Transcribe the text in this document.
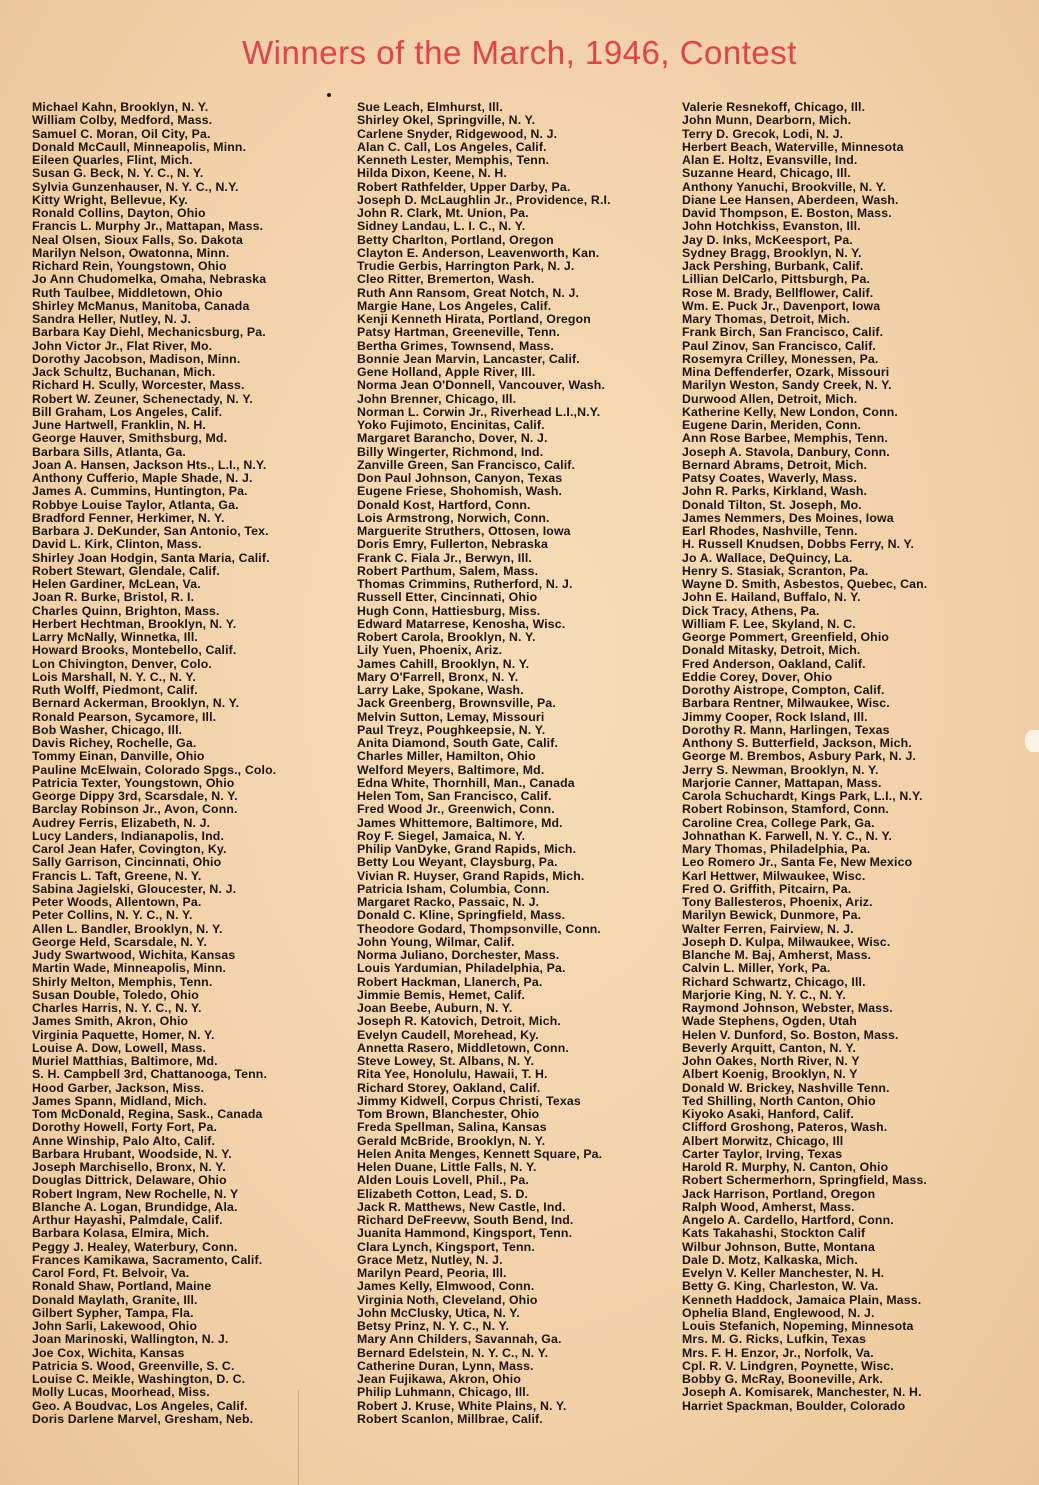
Winners of the March, 1946, Contest
Michael Kahn, Brooklyn, N. Y.
William Colby, Medford, Mass.
Samuel C. Moran, Oil City, Pa.
Donald McCaull, Minneapolis, Minn.
Eileen Quarles, Flint, Mich.
Susan G. Beck, N. Y. C., N. Y.
Sylvia Gunzenhauser, N. Y. C., N.Y.
Kitty Wright, Bellevue, Ky.
Ronald Collins, Dayton, Ohio
Francis L. Murphy Jr., Mattapan, Mass.
Neal Olsen, Sioux Falls, So. Dakota
Marilyn Nelson, Owatonna, Minn.
Richard Rein, Youngstown, Ohio
Jo Ann Chudomelka, Omaha, Nebraska
Ruth Taulbee, Middletown, Ohio
Shirley McManus, Manitoba, Canada
Sandra Heller, Nutley, N. J.
Barbara Kay Diehl, Mechanicsburg, Pa.
John Victor Jr., Flat River, Mo.
Dorothy Jacobson, Madison, Minn.
Jack Schultz, Buchanan, Mich.
Richard H. Scully, Worcester, Mass.
Robert W. Zeuner, Schenectady, N. Y.
Bill Graham, Los Angeles, Calif.
June Hartwell, Franklin, N. H.
George Hauver, Smithsburg, Md.
Barbara Sills, Atlanta, Ga.
Joan A. Hansen, Jackson Hts., L.I., N.Y.
Anthony Cufferio, Maple Shade, N. J.
James A. Cummins, Huntington, Pa.
Robbye Louise Taylor, Atlanta, Ga.
Bradford Fenner, Herkimer, N. Y.
Barbara J. DeKunder, San Antonio, Tex.
David L. Kirk, Clinton, Mass.
Shirley Joan Hodgin, Santa Maria, Calif.
Robert Stewart, Glendale, Calif.
Helen Gardiner, McLean, Va.
Joan R. Burke, Bristol, R. I.
Charles Quinn, Brighton, Mass.
Herbert Hechtman, Brooklyn, N. Y.
Larry McNally, Winnetka, Ill.
Howard Brooks, Montebello, Calif.
Lon Chivington, Denver, Colo.
Lois Marshall, N. Y. C., N. Y.
Ruth Wolff, Piedmont, Calif.
Bernard Ackerman, Brooklyn, N. Y.
Ronald Pearson, Sycamore, Ill.
Bob Washer, Chicago, Ill.
Davis Richey, Rochelle, Ga.
Tommy Einan, Danville, Ohio
Pauline McElwain, Colorado Spgs., Colo.
Patricia Texter, Youngstown, Ohio
George Dippy 3rd, Scarsdale, N. Y.
Barclay Robinson Jr., Avon, Conn.
Audrey Ferris, Elizabeth, N. J.
Lucy Landers, Indianapolis, Ind.
Carol Jean Hafer, Covington, Ky.
Sally Garrison, Cincinnati, Ohio
Francis L. Taft, Greene, N. Y.
Sabina Jagielski, Gloucester, N. J.
Peter Woods, Allentown, Pa.
Peter Collins, N. Y. C., N. Y.
Allen L. Bandler, Brooklyn, N. Y.
George Held, Scarsdale, N. Y.
Judy Swartwood, Wichita, Kansas
Martin Wade, Minneapolis, Minn.
Shirly Melton, Memphis, Tenn.
Susan Double, Toledo, Ohio
Charles Harris, N. Y. C., N. Y.
James Smith, Akron, Ohio
Virginia Paquette, Homer, N. Y.
Louise A. Dow, Lowell, Mass.
Muriel Matthias, Baltimore, Md.
S. H. Campbell 3rd, Chattanooga, Tenn.
Hood Garber, Jackson, Miss.
James Spann, Midland, Mich.
Tom McDonald, Regina, Sask., Canada
Dorothy Howell, Forty Fort, Pa.
Anne Winship, Palo Alto, Calif.
Barbara Hrubant, Woodside, N. Y.
Joseph Marchisello, Bronx, N. Y.
Douglas Dittrick, Delaware, Ohio
Robert Ingram, New Rochelle, N. Y
Blanche A. Logan, Brundidge, Ala.
Arthur Hayashi, Palmdale, Calif.
Barbara Kolasa, Elmira, Mich.
Peggy J. Healey, Waterbury, Conn.
Frances Kamikawa, Sacramento, Calif.
Carol Ford, Ft. Belvoir, Va.
Ronald Shaw, Portland, Maine
Donald Maylath, Granite, Ill.
Gilbert Sypher, Tampa, Fla.
John Sarli, Lakewood, Ohio
Joan Marinoski, Wallington, N. J.
Joe Cox, Wichita, Kansas
Patricia S. Wood, Greenville, S. C.
Louise C. Meikle, Washington, D. C.
Molly Lucas, Moorhead, Miss.
Geo. A Boudvac, Los Angeles, Calif.
Doris Darlene Marvel, Gresham, Neb.
Sue Leach, Elmhurst, Ill.
Shirley Okel, Springville, N. Y.
Carlene Snyder, Ridgewood, N. J.
Alan C. Call, Los Angeles, Calif.
Kenneth Lester, Memphis, Tenn.
Hilda Dixon, Keene, N. H.
Robert Rathfelder, Upper Darby, Pa.
Joseph D. McLaughlin Jr., Providence, R.I.
John R. Clark, Mt. Union, Pa.
Sidney Landau, L. I. C., N. Y.
Betty Charlton, Portland, Oregon
Clayton E. Anderson, Leavenworth, Kan.
Trudie Gerbis, Harrington Park, N. J.
Cleo Ritter, Bremerton, Wash.
Ruth Ann Ransom, Great Notch, N. J.
Margie Hane, Los Angeles, Calif.
Kenji Kenneth Hirata, Portland, Oregon
Patsy Hartman, Greeneville, Tenn.
Bertha Grimes, Townsend, Mass.
Bonnie Jean Marvin, Lancaster, Calif.
Gene Holland, Apple River, Ill.
Norma Jean O'Donnell, Vancouver, Wash.
John Brenner, Chicago, Ill.
Norman L. Corwin Jr., Riverhead L.I.,N.Y.
Yoko Fujimoto, Encinitas, Calif.
Margaret Barancho, Dover, N. J.
Billy Wingerter, Richmond, Ind.
Zanville Green, San Francisco, Calif.
Don Paul Johnson, Canyon, Texas
Eugene Friese, Shohomish, Wash.
Donald Kost, Hartford, Conn.
Lois Armstrong, Norwich, Conn.
Marguerite Struthers, Ottosen, Iowa
Doris Emry, Fullerton, Nebraska
Frank C. Fiala Jr., Berwyn, Ill.
Robert Parthum, Salem, Mass.
Thomas Crimmins, Rutherford, N. J.
Russell Etter, Cincinnati, Ohio
Hugh Conn, Hattiesburg, Miss.
Edward Matarrese, Kenosha, Wisc.
Robert Carola, Brooklyn, N. Y.
Lily Yuen, Phoenix, Ariz.
James Cahill, Brooklyn, N. Y.
Mary O'Farrell, Bronx, N. Y.
Larry Lake, Spokane, Wash.
Jack Greenberg, Brownsville, Pa.
Melvin Sutton, Lemay, Missouri
Paul Treyz, Poughkeepsie, N. Y.
Anita Diamond, South Gate, Calif.
Charles Miller, Hamilton, Ohio
Welford Meyers, Baltimore, Md.
Edna White, Thornhill, Man., Canada
Helen Tom, San Francisco, Calif.
Fred Wood Jr., Greenwich, Conn.
James Whittemore, Baltimore, Md.
Roy F. Siegel, Jamaica, N. Y.
Philip VanDyke, Grand Rapids, Mich.
Betty Lou Weyant, Claysburg, Pa.
Vivian R. Huyser, Grand Rapids, Mich.
Patricia Isham, Columbia, Conn.
Margaret Racko, Passaic, N. J.
Donald C. Kline, Springfield, Mass.
Theodore Godard, Thompsonville, Conn.
John Young, Wilmar, Calif.
Norma Juliano, Dorchester, Mass.
Louis Yardumian, Philadelphia, Pa.
Robert Hackman, Llanerch, Pa.
Jimmie Bemis, Hemet, Calif.
Joan Beebe, Auburn, N. Y.
Joseph R. Katovich, Detroit, Mich.
Evelyn Caudell, Morehead, Ky.
Annetta Rasero, Middletown, Conn.
Steve Lowey, St. Albans, N. Y.
Rita Yee, Honolulu, Hawaii, T. H.
Richard Storey, Oakland, Calif.
Jimmy Kidwell, Corpus Christi, Texas
Tom Brown, Blanchester, Ohio
Freda Spellman, Salina, Kansas
Gerald McBride, Brooklyn, N. Y.
Helen Anita Menges, Kennett Square, Pa.
Helen Duane, Little Falls, N. Y.
Alden Louis Lovell, Phil., Pa.
Elizabeth Cotton, Lead, S. D.
Jack R. Matthews, New Castle, Ind.
Richard DeFreevw, South Bend, Ind.
Juanita Hammond, Kingsport, Tenn.
Clara Lynch, Kingsport, Tenn.
Grace Metz, Nutley, N. J.
Marilyn Peard, Peoria, Ill.
James Kelly, Elmwood, Conn.
Virginia Noth, Cleveland, Ohio
John McClusky, Utica, N. Y.
Betsy Prinz, N. Y. C., N. Y.
Mary Ann Childers, Savannah, Ga.
Bernard Edelstein, N. Y. C., N. Y.
Catherine Duran, Lynn, Mass.
Jean Fujikawa, Akron, Ohio
Philip Luhmann, Chicago, Ill.
Robert J. Kruse, White Plains, N. Y.
Robert Scanlon, Millbrae, Calif.
Valerie Resnekoff, Chicago, Ill.
John Munn, Dearborn, Mich.
Terry D. Grecok, Lodi, N. J.
Herbert Beach, Waterville, Minnesota
Alan E. Holtz, Evansville, Ind.
Suzanne Heard, Chicago, Ill.
Anthony Yanuchi, Brookville, N. Y.
Diane Lee Hansen, Aberdeen, Wash.
David Thompson, E. Boston, Mass.
John Hotchkiss, Evanston, Ill.
Jay D. Inks, McKeesport, Pa.
Sydney Bragg, Brooklyn, N. Y.
Jack Pershing, Burbank, Calif.
Lillian DelCarlo, Pittsburgh, Pa.
Rose M. Brady, Bellflower, Calif.
Wm. E. Puck Jr., Davenport, Iowa
Mary Thomas, Detroit, Mich.
Frank Birch, San Francisco, Calif.
Paul Zinov, San Francisco, Calif.
Rosemyra Crilley, Monessen, Pa.
Mina Deffenderfer, Ozark, Missouri
Marilyn Weston, Sandy Creek, N. Y.
Durwood Allen, Detroit, Mich.
Katherine Kelly, New London, Conn.
Eugene Darin, Meriden, Conn.
Ann Rose Barbee, Memphis, Tenn.
Joseph A. Stavola, Danbury, Conn.
Bernard Abrams, Detroit, Mich.
Patsy Coates, Waverly, Mass.
John R. Parks, Kirkland, Wash.
Donald Tilton, St. Joseph, Mo.
James Nemmers, Des Moines, Iowa
Earl Rhodes, Nashville, Tenn.
H. Russell Knudsen, Dobbs Ferry, N. Y.
Jo A. Wallace, DeQuincy, La.
Henry S. Stasiak, Scranton, Pa.
Wayne D. Smith, Asbestos, Quebec, Can.
John E. Hailand, Buffalo, N. Y.
Dick Tracy, Athens, Pa.
William F. Lee, Skyland, N. C.
George Pommert, Greenfield, Ohio
Donald Mitasky, Detroit, Mich.
Fred Anderson, Oakland, Calif.
Eddie Corey, Dover, Ohio
Dorothy Aistrope, Compton, Calif.
Barbara Rentner, Milwaukee, Wisc.
Jimmy Cooper, Rock Island, Ill.
Dorothy R. Mann, Harlingen, Texas
Anthony S. Butterfield, Jackson, Mich.
George M. Brembos, Asbury Park, N. J.
Jerry S. Newman, Brooklyn, N. Y.
Marjorie Canner, Mattapan, Mass.
Carola Schuchardt, Kings Park, L.I., N.Y.
Robert Robinson, Stamford, Conn.
Caroline Crea, College Park, Ga.
Johnathan K. Farwell, N. Y. C., N. Y.
Mary Thomas, Philadelphia, Pa.
Leo Romero Jr., Santa Fe, New Mexico
Karl Hettwer, Milwaukee, Wisc.
Fred O. Griffith, Pitcairn, Pa.
Tony Ballesteros, Phoenix, Ariz.
Marilyn Bewick, Dunmore, Pa.
Walter Ferren, Fairview, N. J.
Joseph D. Kulpa, Milwaukee, Wisc.
Blanche M. Baj, Amherst, Mass.
Calvin L. Miller, York, Pa.
Richard Schwartz, Chicago, Ill.
Marjorie King, N. Y. C., N. Y.
Raymond Johnson, Webster, Mass.
Wade Stephens, Ogden, Utah
Helen V. Dunford, So. Boston, Mass.
Beverly Arquitt, Canton, N. Y.
John Oakes, North River, N. Y
Albert Koenig, Brooklyn, N. Y
Donald W. Brickey, Nashville Tenn.
Ted Shilling, North Canton, Ohio
Kiyoko Asaki, Hanford, Calif.
Clifford Groshong, Pateros, Wash.
Albert Morwitz, Chicago, Ill
Carter Taylor, Irving, Texas
Harold R. Murphy, N. Canton, Ohio
Robert Schermerhorn, Springfield, Mass.
Jack Harrison, Portland, Oregon
Ralph Wood, Amherst, Mass.
Angelo A. Cardello, Hartford, Conn.
Kats Takahashi, Stockton Calif
Wilbur Johnson, Butte, Montana
Dale D. Motz, Kalkaska, Mich.
Evelyn V. Keller Manchester, N. H.
Betty G. King, Charleston, W. Va.
Kenneth Haddock, Jamaica Plain, Mass.
Ophelia Bland, Englewood, N. J.
Louis Stefanich, Nopeming, Minnesota
Mrs. M. G. Ricks, Lufkin, Texas
Mrs. F. H. Enzor, Jr., Norfolk, Va.
Cpl. R. V. Lindgren, Poynette, Wisc.
Bobby G. McRay, Booneville, Ark.
Joseph A. Komisarek, Manchester, N. H.
Harriet Spackman, Boulder, Colorado
